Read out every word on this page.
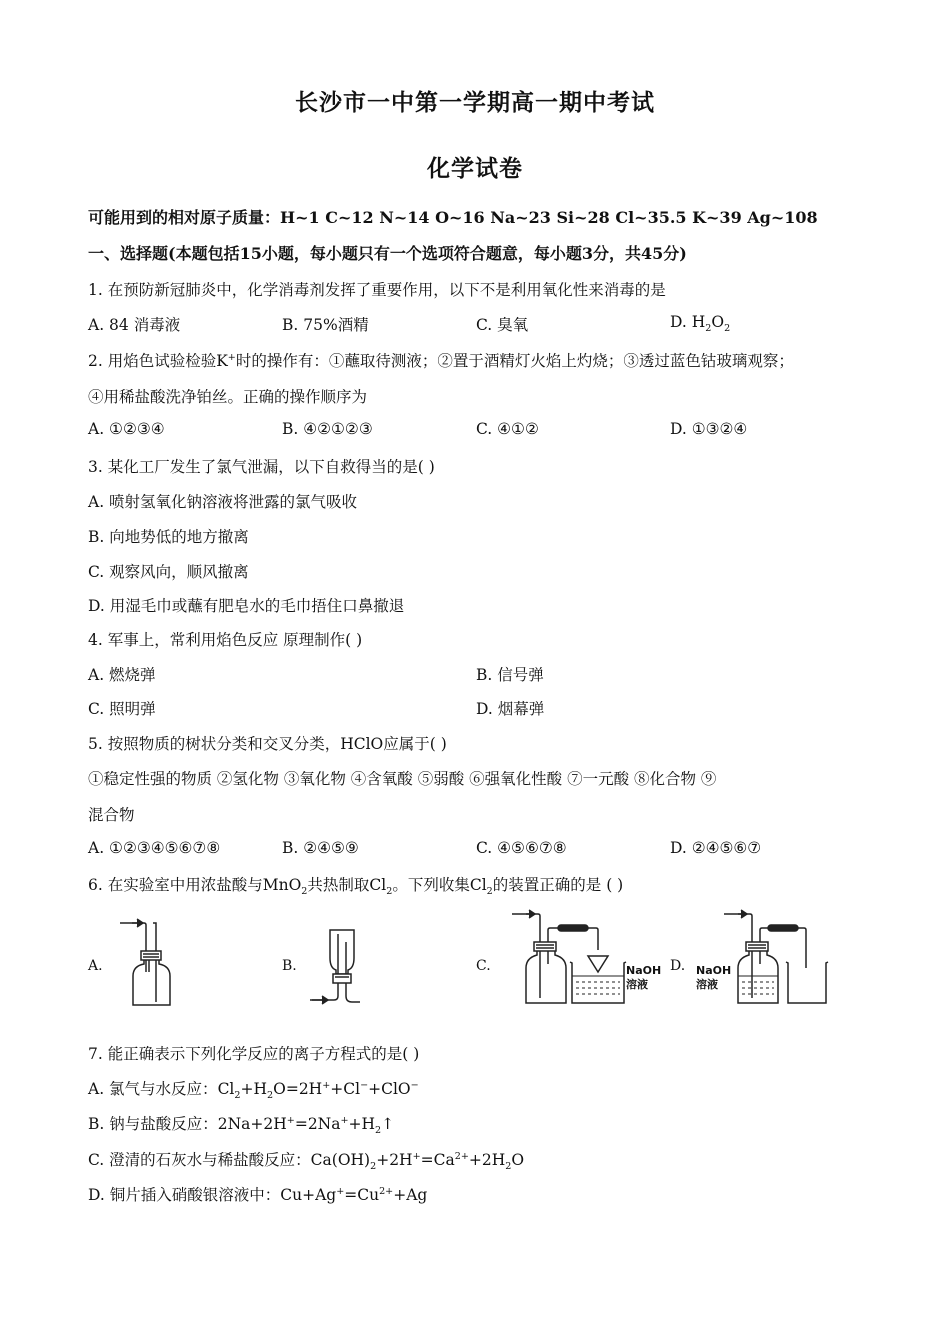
长沙市一中第一学期高一期中考试
化学试卷
可能用到的相对原子质量：H~1 C~12 N~14 O~16 Na~23 Si~28 Cl~35.5 K~39 Ag~108
一、选择题(本题包括15小题，每小题只有一个选项符合题意，每小题3分，共45分)
1. 在预防新冠肺炎中，化学消毒剂发挥了重要作用，以下不是利用氧化性来消毒的是
A. 84 消毒液	B. 75%酒精	C. 臭氧	D. $H_2O_2$
2. 用焰色试验检验K+时的操作有：①蘸取待测液；②置于酒精灯火焰上灼烧；③透过蓝色钴玻璃观察；
④用稀盐酸洗净铂丝。正确的操作顺序为
A. ①②③④	B. ④②①②③	C. ④①②	D. ①③②④
3. 某化工厂发生了氯气泄漏，以下自救得当的是( )
A. 喷射氢氧化钠溶液将泄露的氯气吸收
B. 向地势低的地方撤离
C. 观察风向，顺风撤离
D. 用湿毛巾或蘸有肥皂水的毛巾捂住口鼻撤退
4. 军事上，常利用焰色反应 原理制作( )
A. 燃烧弹	B. 信号弹
C. 照明弹	D. 烟幕弹
5. 按照物质的树状分类和交叉分类，HClO应属于( )
①稳定性强的物质 ②氢化物 ③氧化物 ④含氧酸 ⑤弱酸 ⑥强氧化性酸 ⑦一元酸 ⑧化合物 ⑨
混合物
A. ①②③④⑤⑥⑦⑧	B. ②④⑤⑨	C. ④⑤⑥⑦⑧	D. ②④⑤⑥⑦
6. 在实验室中用浓盐酸与MnO$_2$共热制取$Cl_2$。下列收集$Cl_2$的装置正确的是 ( )
A.	B.	C.	D.
NaOH
溶液
NaOH
溶液
7. 能正确表示下列化学反应的离子方程式的是( )
A. 氯气与水反应：$Cl_2+H_2O=2H^++Cl^-+ClO^-$
B. 钠与盐酸反应：$2Na+2H^+=2Na^++H_2↑$
C. 澄清的石灰水与稀盐酸反应：$Ca(OH)_2+2H^+=Ca^{2+}+2H_2O$
D. 铜片插入硝酸银溶液中：$Cu+Ag^+=Cu^{2+}+Ag$
